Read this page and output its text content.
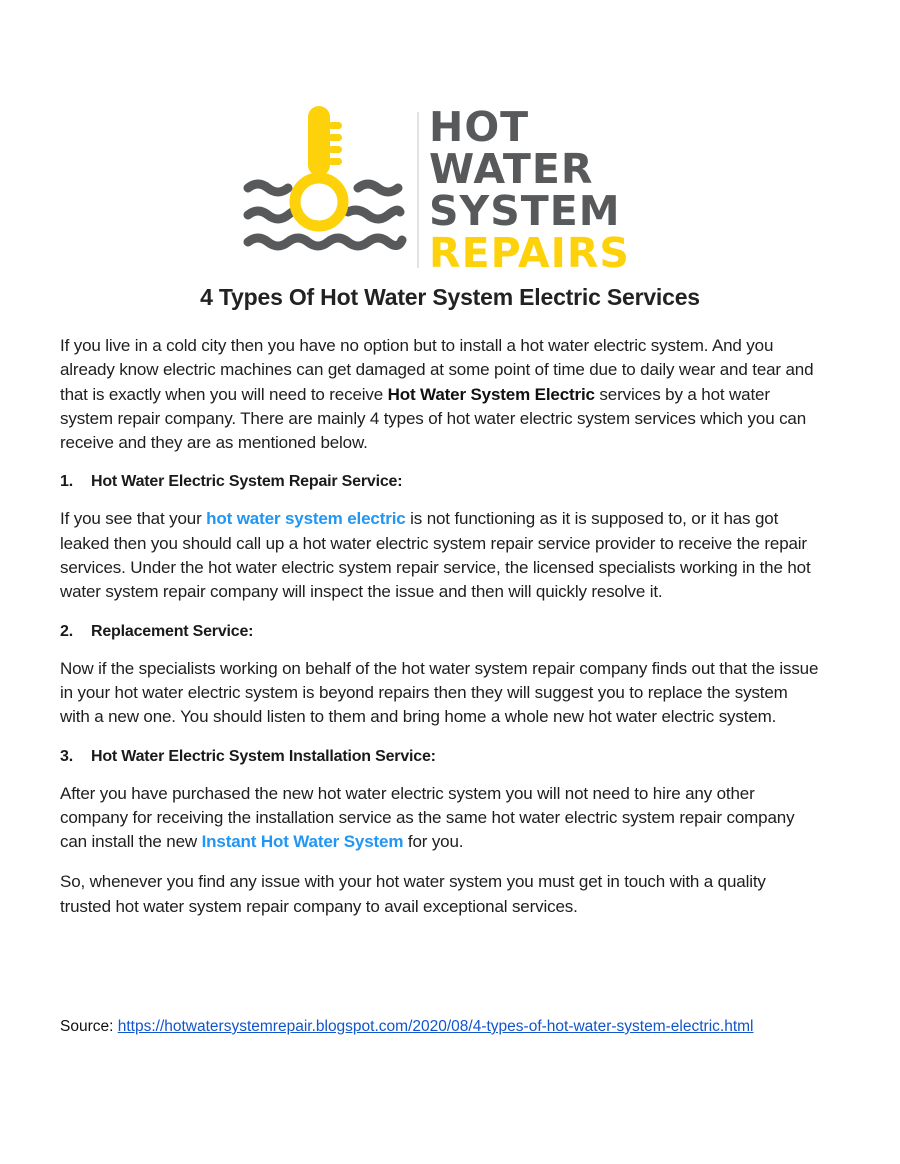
HOT
WATER
SYSTEM
REPAIRS
4 Types Of Hot Water System Electric Services

If you live in a cold city then you have no option but to install a hot water electric system. And you already know electric machines can get damaged at some point of time due to daily wear and tear and that is exactly when you will need to receive Hot Water System Electric services by a hot water system repair company. There are mainly 4 types of hot water electric system services which you can receive and they are as mentioned below.

1. Hot Water Electric System Repair Service:

If you see that your hot water system electric is not functioning as it is supposed to, or it has got leaked then you should call up a hot water electric system repair service provider to receive the repair services. Under the hot water electric system repair service, the licensed specialists working in the hot water system repair company will inspect the issue and then will quickly resolve it.

2. Replacement Service:

Now if the specialists working on behalf of the hot water system repair company finds out that the issue in your hot water electric system is beyond repairs then they will suggest you to replace the system with a new one. You should listen to them and bring home a whole new hot water electric system.

3. Hot Water Electric System Installation Service:

After you have purchased the new hot water electric system you will not need to hire any other company for receiving the installation service as the same hot water electric system repair company can install the new Instant Hot Water System for you.

So, whenever you find any issue with your hot water system you must get in touch with a quality trusted hot water system repair company to avail exceptional services.

Source: https://hotwatersystemrepair.blogspot.com/2020/08/4-types-of-hot-water-system-electric.html
